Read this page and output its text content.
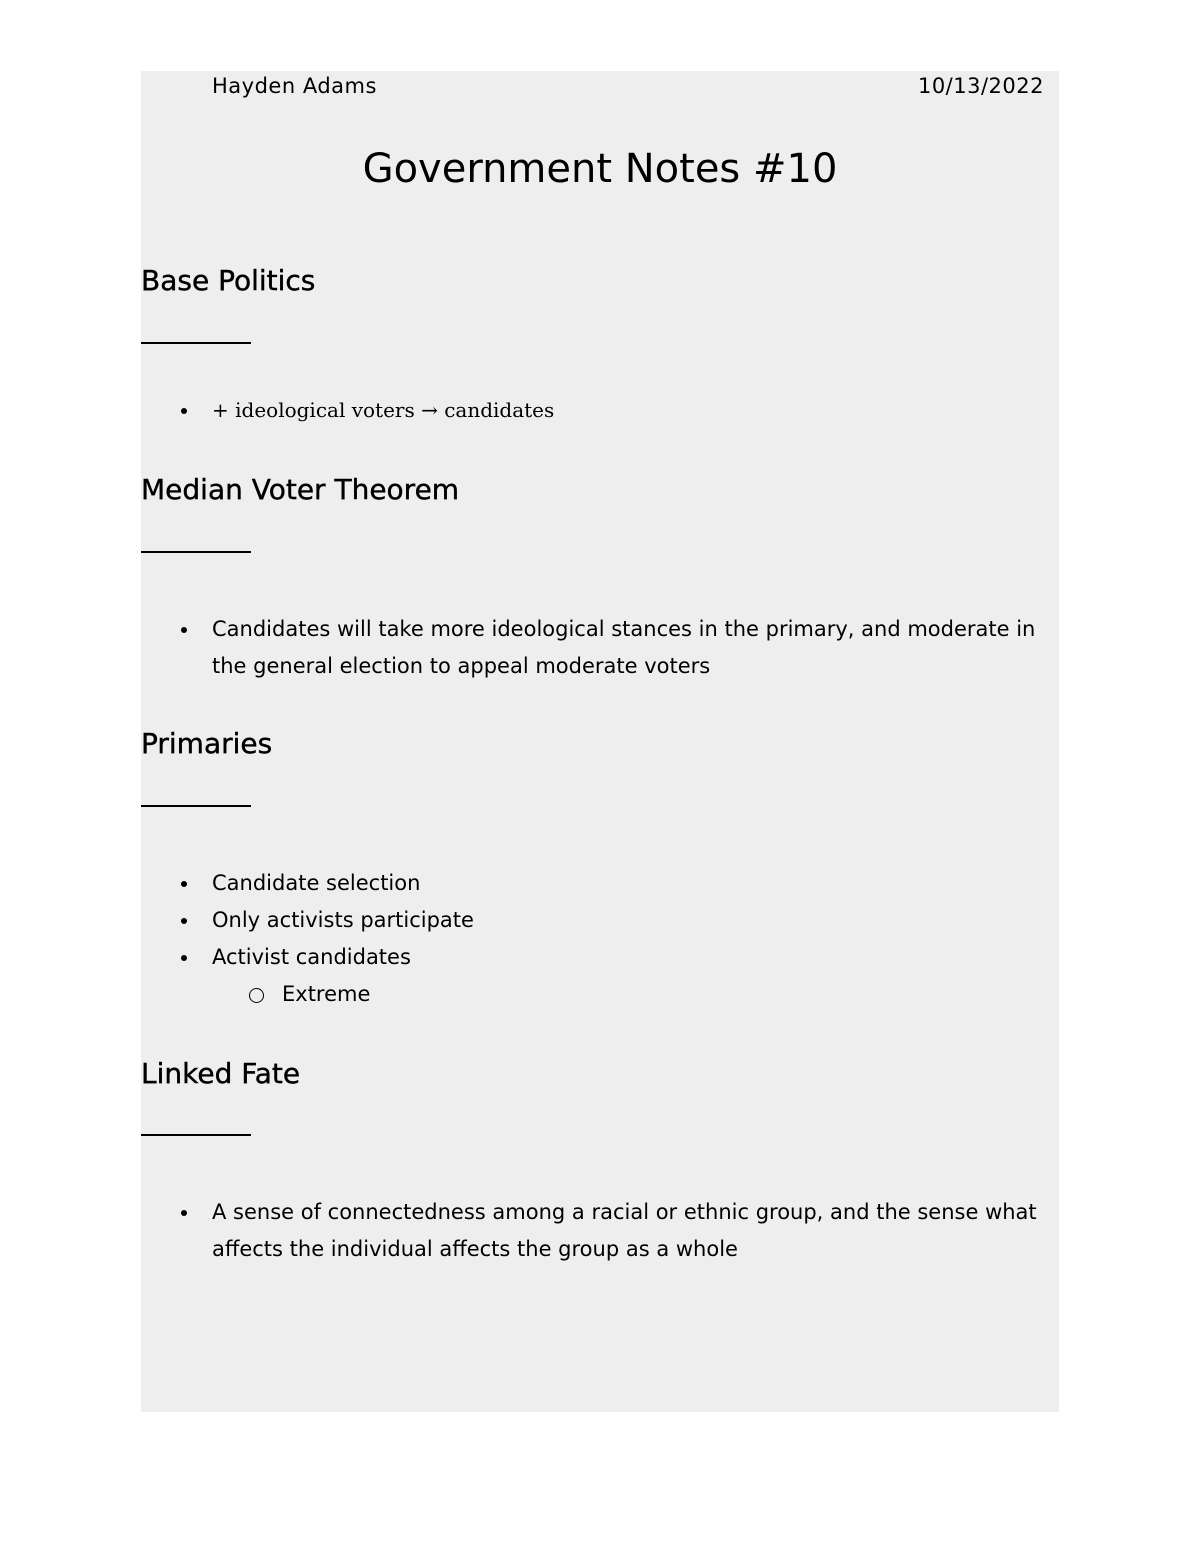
Hayden Adams	10/13/2022
Government Notes #10
Base Politics
+ ideological voters → candidates
Median Voter Theorem
Candidates will take more ideological stances in the primary, and moderate in the general election to appeal moderate voters
Primaries
Candidate selection
Only activists participate
Activist candidates
Extreme
Linked Fate
A sense of connectedness among a racial or ethnic group, and the sense what affects the individual affects the group as a whole
